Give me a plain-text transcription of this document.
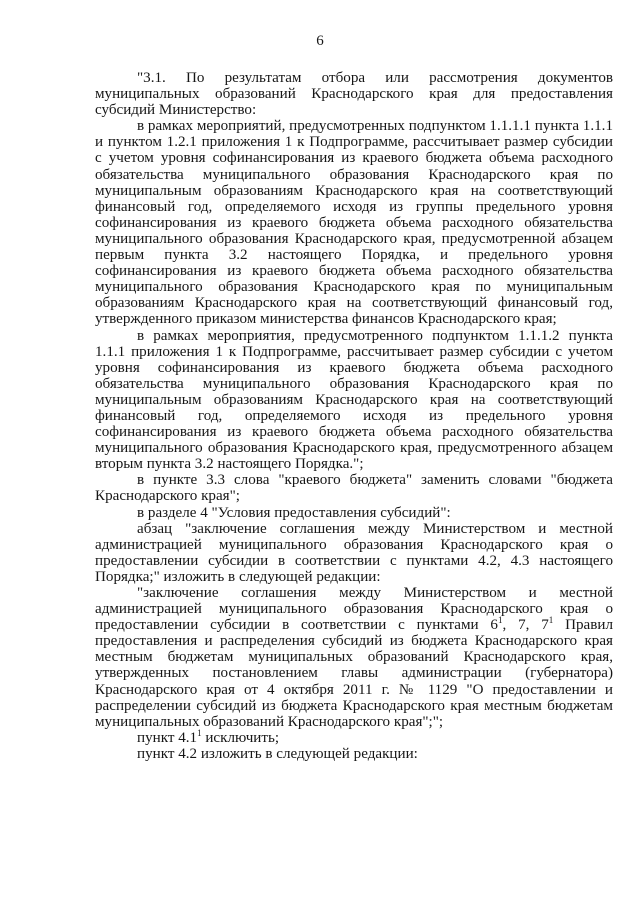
6

"3.1. По результатам отбора или рассмотрения документов муниципальных образований Краснодарского края для предоставления субсидий Министерство:

в рамках мероприятий, предусмотренных подпунктом 1.1.1.1 пункта 1.1.1 и пунктом 1.2.1 приложения 1 к Подпрограмме, рассчитывает размер субсидии с учетом уровня софинансирования из краевого бюджета объема расходного обязательства муниципального образования Краснодарского края по муниципальным образованиям Краснодарского края на соответствующий финансовый год, определяемого исходя из группы предельного уровня софинансирования из краевого бюджета объема расходного обязательства муниципального образования Краснодарского края, предусмотренной абзацем первым пункта 3.2 настоящего Порядка, и предельного уровня софинансирования из краевого бюджета объема расходного обязательства муниципального образования Краснодарского края по муниципальным образованиям Краснодарского края на соответствующий финансовый год, утвержденного приказом министерства финансов Краснодарского края;

в рамках мероприятия, предусмотренного подпунктом 1.1.1.2 пункта 1.1.1 приложения 1 к Подпрограмме, рассчитывает размер субсидии с учетом уровня софинансирования из краевого бюджета объема расходного обязательства муниципального образования Краснодарского края по муниципальным образованиям Краснодарского края на соответствующий финансовый год, определяемого исходя из предельного уровня софинансирования из краевого бюджета объема расходного обязательства муниципального образования Краснодарского края, предусмотренного абзацем вторым пункта 3.2 настоящего Порядка.";

в пункте 3.3 слова "краевого бюджета" заменить словами "бюджета Краснодарского края";

в разделе 4 "Условия предоставления субсидий":

абзац "заключение соглашения между Министерством и местной администрацией муниципального образования Краснодарского края о предоставлении субсидии в соответствии с пунктами 4.2, 4.3 настоящего Порядка;" изложить в следующей редакции:

"заключение соглашения между Министерством и местной администрацией муниципального образования Краснодарского края о предоставлении субсидии в соответствии с пунктами $6^1$, 7, $7^1$ Правил предоставления и распределения субсидий из бюджета Краснодарского края местным бюджетам муниципальных образований Краснодарского края, утвержденных постановлением главы администрации (губернатора) Краснодарского края от 4 октября 2011 г. № 1129 "О предоставлении и распределении субсидий из бюджета Краснодарского края местным бюджетам муниципальных образований Краснодарского края";";

пункт $4.1^1$ исключить;

пункт 4.2 изложить в следующей редакции:
